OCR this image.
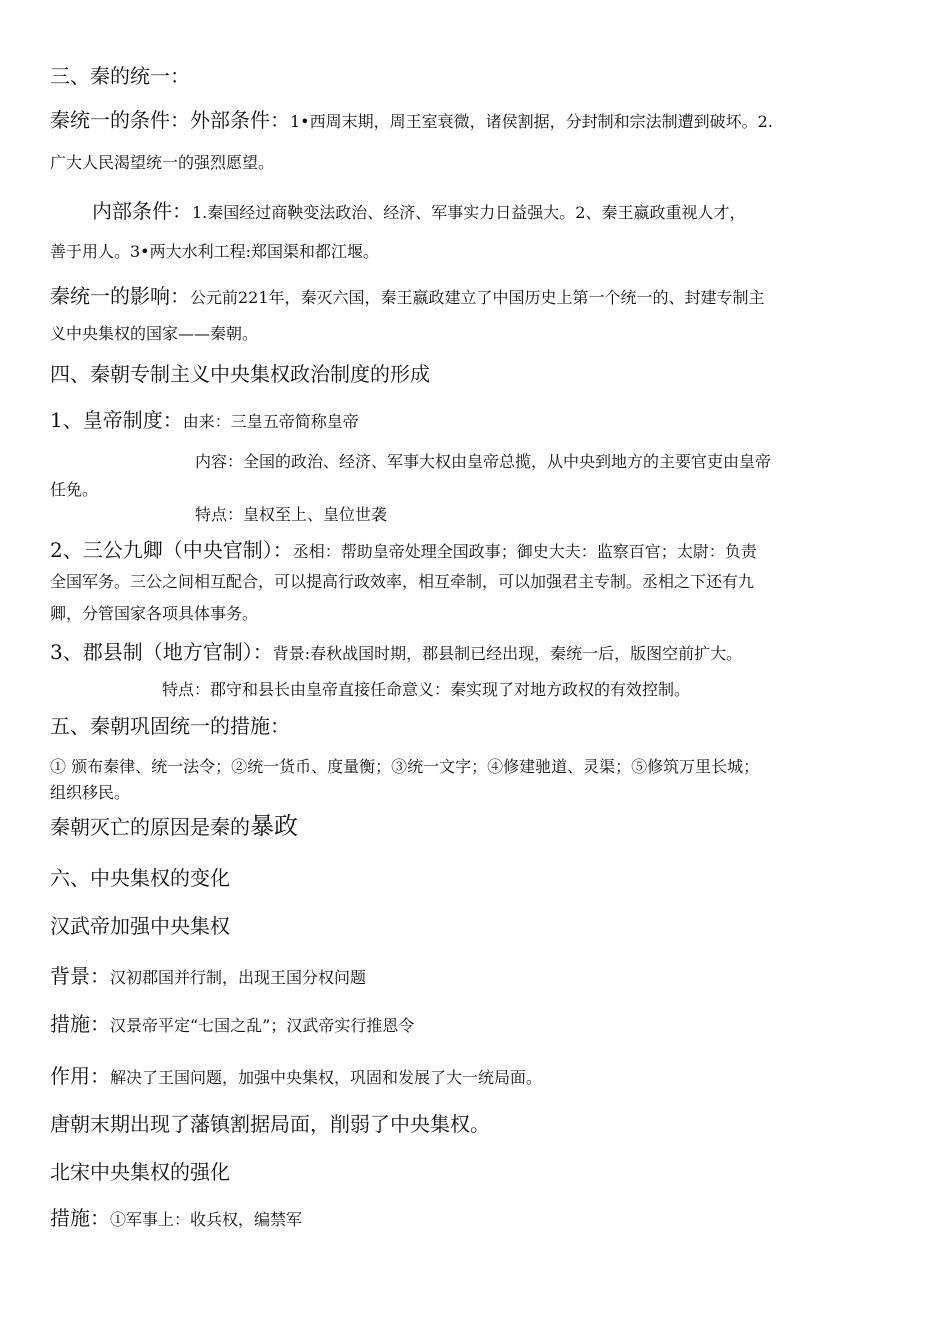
三、秦的统一：
秦统一的条件：外部条件：1•西周末期，周王室衰微，诸侯割据，分封制和宗法制遭到破坏。2.
广大人民渴望统一的强烈愿望。
内部条件：1.秦国经过商鞅变法政治、经济、军事实力日益强大。2、秦王嬴政重视人才，
善于用人。3•两大水利工程:郑国渠和都江堰。
秦统一的影响：公元前221年，秦灭六国，秦王嬴政建立了中国历史上第一个统一的、封建专制主
义中央集权的国家——秦朝。
四、秦朝专制主义中央集权政治制度的形成
1、皇帝制度：由来：三皇五帝简称皇帝
内容：全国的政治、经济、军事大权由皇帝总揽，从中央到地方的主要官吏由皇帝
任免。
特点：皇权至上、皇位世袭
2、三公九卿（中央官制）：丞相：帮助皇帝处理全国政事；御史大夫：监察百官；太尉：负责
全国军务。三公之间相互配合，可以提高行政效率，相互牵制，可以加强君主专制。丞相之下还有九
卿，分管国家各项具体事务。
3、郡县制（地方官制）：背景:春秋战国时期，郡县制已经出现，秦统一后，版图空前扩大。
特点：郡守和县长由皇帝直接任命意义：秦实现了对地方政权的有效控制。
五、秦朝巩固统一的措施：
① 颁布秦律、统一法令；②统一货币、度量衡；③统一文字；④修建驰道、灵渠；⑤修筑万里长城；
组织移民。
秦朝灭亡的原因是秦的暴政
六、中央集权的变化
汉武帝加强中央集权
背景：汉初郡国并行制，出现王国分权问题
措施：汉景帝平定“七国之乱”；汉武帝实行推恩令
作用：解决了王国问题，加强中央集权，巩固和发展了大一统局面。
唐朝末期出现了藩镇割据局面，削弱了中央集权。
北宋中央集权的强化
措施：①军事上：收兵权，编禁军
